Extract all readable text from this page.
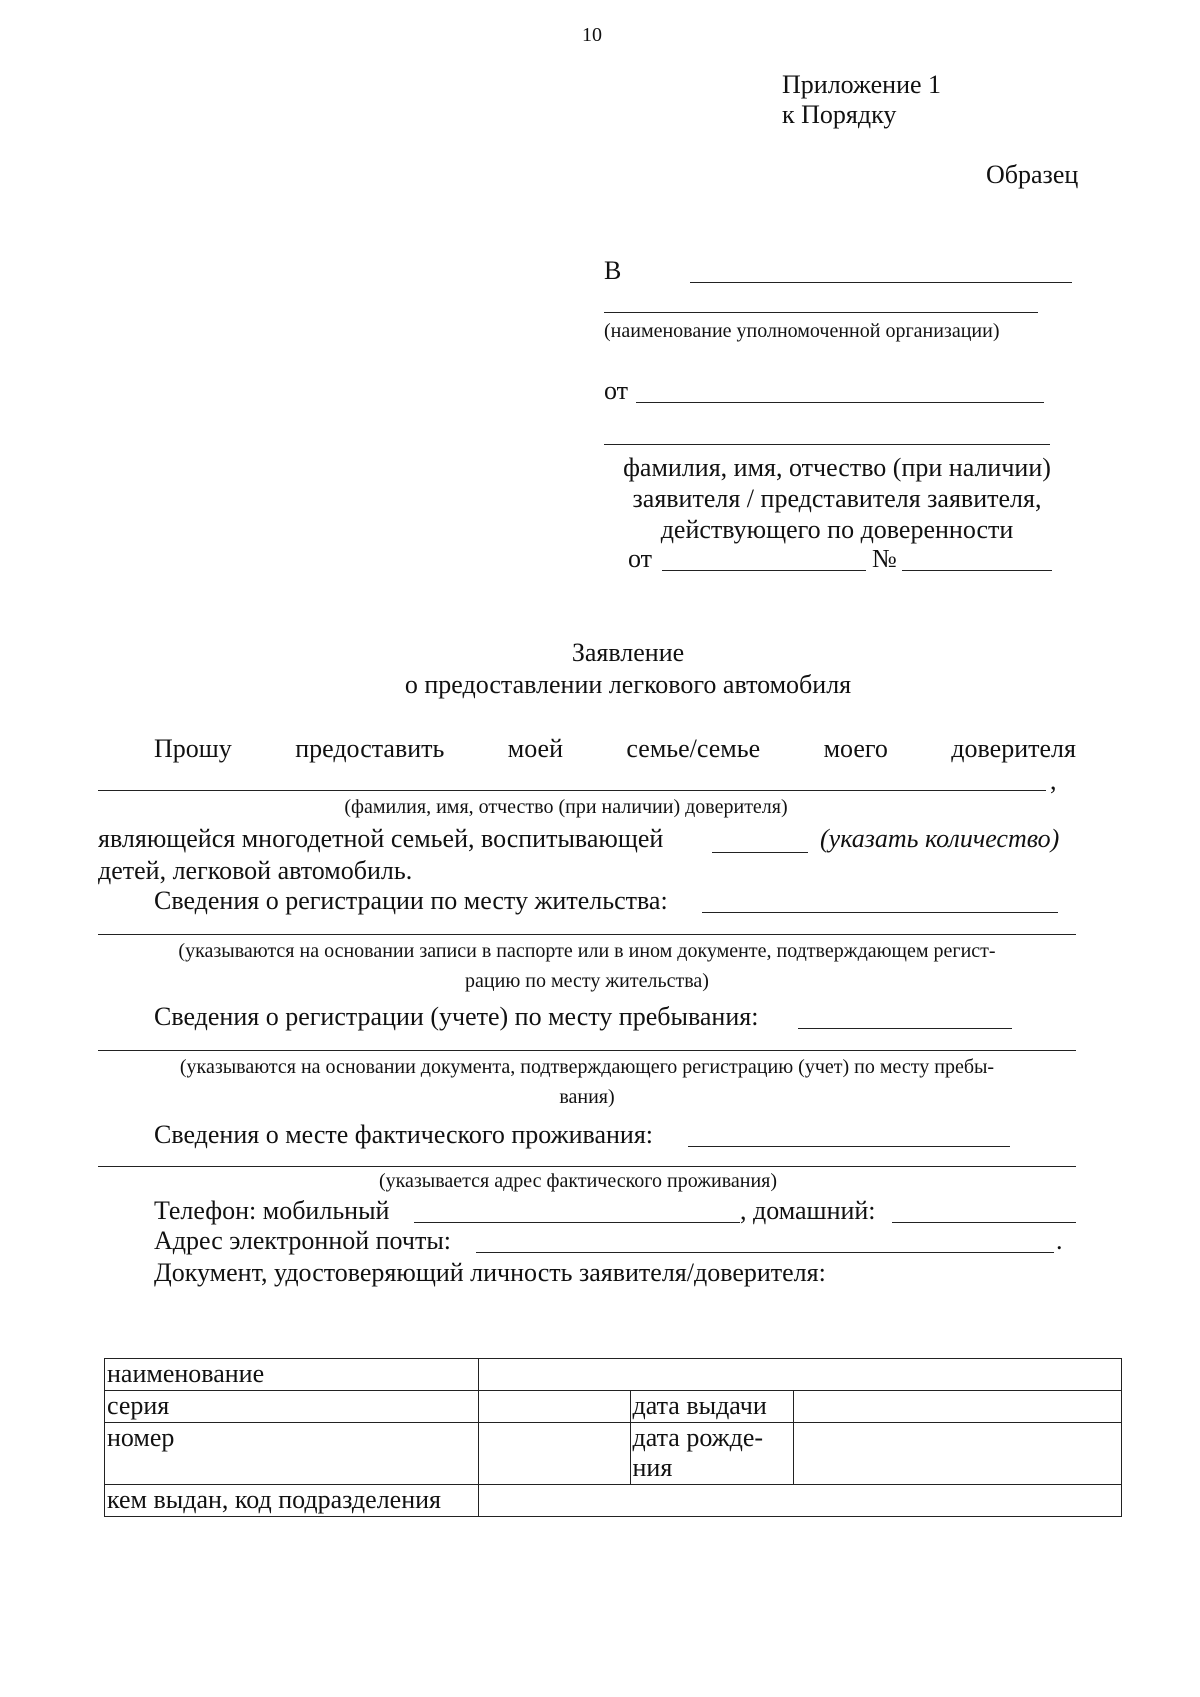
10
Приложение 1
к Порядку
Образец
В
(наименование уполномоченной организации)
от
фамилия, имя, отчество (при наличии)
заявителя / представителя заявителя,
действующего по доверенности
от	№
Заявление
о предоставлении легкового автомобиля
Прошу предоставить моей семье/семье моего доверителя
,
(фамилия, имя, отчество (при наличии) доверителя)
являющейся многодетной семьей, воспитывающей	(указать количество)
детей, легковой автомобиль.
Сведения о регистрации по месту жительства:
(указываются на основании записи в паспорте или в ином документе, подтверждающем регист-
рацию по месту жительства)
Сведения о регистрации (учете) по месту пребывания:
(указываются на основании документа, подтверждающего регистрацию (учет) по месту пребы-
вания)
Сведения о месте фактического проживания:
(указывается адрес фактического проживания)
Телефон: мобильный	, домашний:
Адрес электронной почты:	.
Документ, удостоверяющий личность заявителя/доверителя:
наименование			
серия		дата выдачи	
номер		дата рожде-
ния	

кем выдан, код подразделения			
